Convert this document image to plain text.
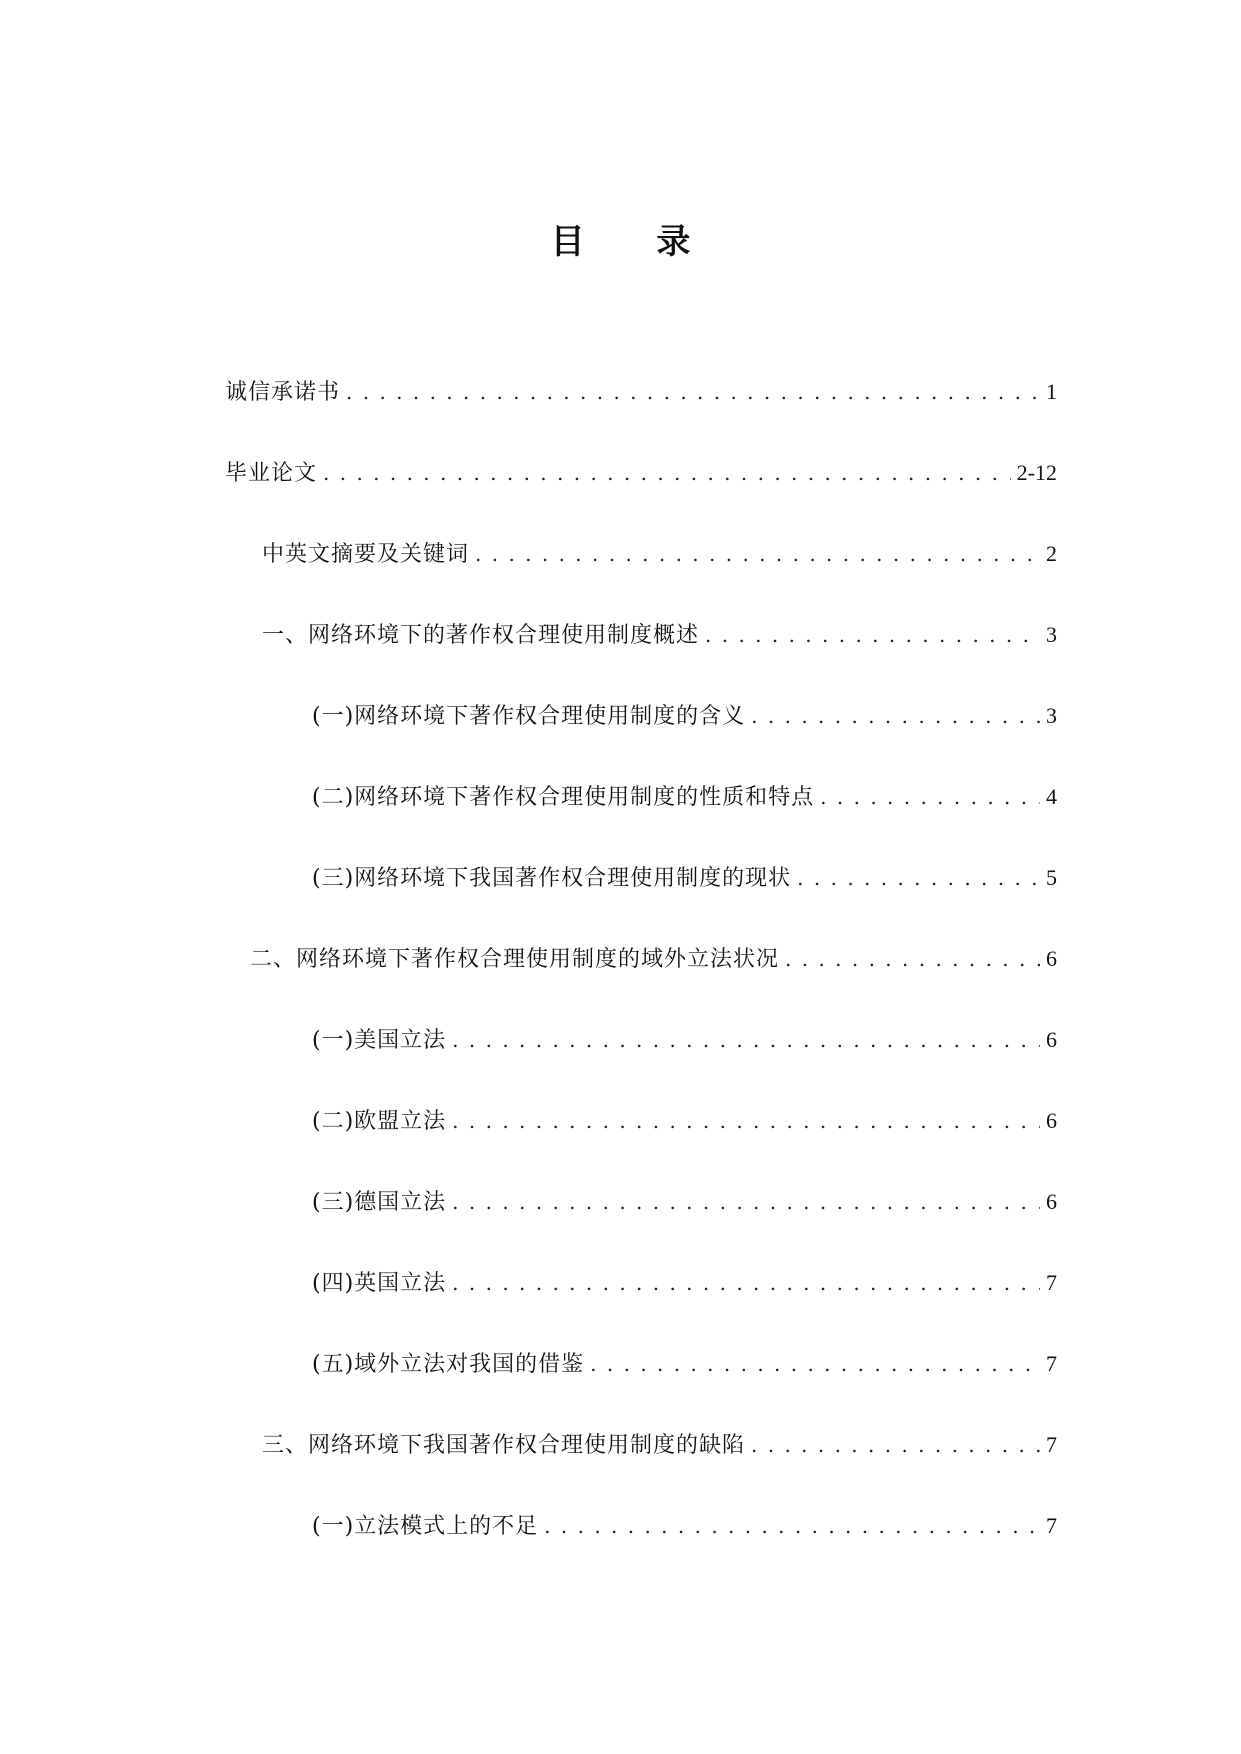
目 录
诚信承诺书 . . .	1
毕业论文 . . .	2-12
中英文摘要及关键词 . . .	2
一、网络环境下的著作权合理使用制度概述 . . .	3
(一)网络环境下著作权合理使用制度的含义 . . .	3
(二)网络环境下著作权合理使用制度的性质和特点 . . .	4
(三)网络环境下我国著作权合理使用制度的现状 . . .	5
二、网络环境下著作权合理使用制度的域外立法状况 . . .	6
(一)美国立法 . . .	6
(二)欧盟立法 . . .	6
(三)德国立法 . . .	6
(四)英国立法 . . .	7
(五)域外立法对我国的借鉴 . . .	7
三、网络环境下我国著作权合理使用制度的缺陷 . . .	7
(一)立法模式上的不足 . . .	7
